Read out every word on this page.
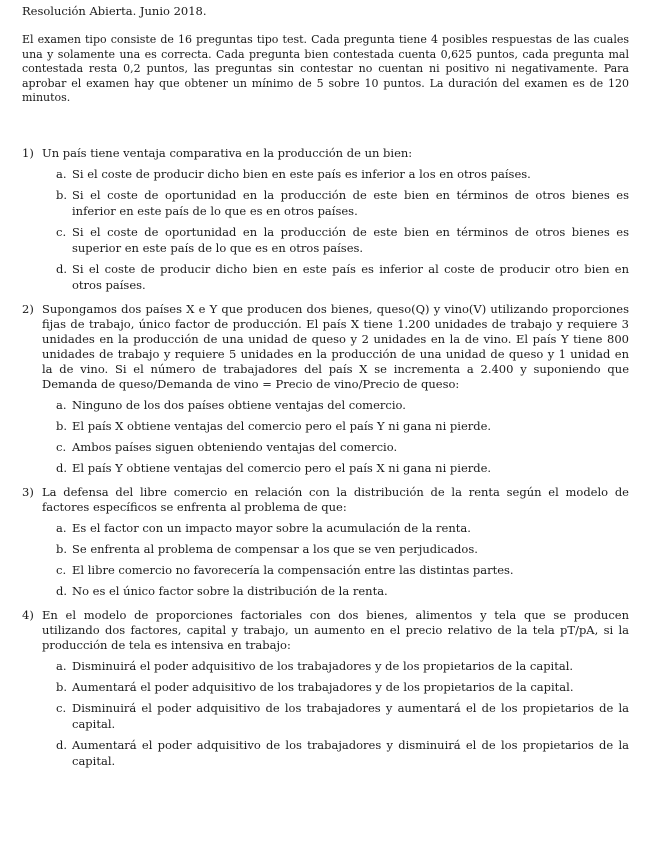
Resolución Abierta. Junio 2018.

El examen tipo consiste de 16 preguntas tipo test. Cada pregunta tiene 4 posibles respuestas de las cuales una y solamente una es correcta. Cada pregunta bien contestada cuenta 0,625 puntos, cada pregunta mal contestada resta 0,2 puntos, las preguntas sin contestar no cuentan ni positivo ni negativamente. Para aprobar el examen hay que obtener un mínimo de 5 sobre 10 puntos. La duración del examen es de 120 minutos.

1) Un país tiene ventaja comparativa en la producción de un bien:

a. Si el coste de producir dicho bien en este país es inferior a los en otros países.
b. Si el coste de oportunidad en la producción de este bien en términos de otros bienes es inferior en este país de lo que es en otros países.
c. Si el coste de oportunidad en la producción de este bien en términos de otros bienes es superior en este país de lo que es en otros países.
d. Si el coste de producir dicho bien en este país es inferior al coste de producir otro bien en otros países.
2) Supongamos dos países X e Y que producen dos bienes, queso(Q) y vino(V) utilizando proporciones fijas de trabajo, único factor de producción. El país X tiene 1.200 unidades de trabajo y requiere 3 unidades en la producción de una unidad de queso y 2 unidades en la de vino. El país Y tiene 800 unidades de trabajo y requiere 5 unidades en la producción de una unidad de queso y 1 unidad en la de vino. Si el número de trabajadores del país X se incrementa a 2.400 y suponiendo que Demanda de queso/Demanda de vino = Precio de vino/Precio de queso:

a. Ninguno de los dos países obtiene ventajas del comercio.
b. El país X obtiene ventajas del comercio pero el país Y ni gana ni pierde.
c. Ambos países siguen obteniendo ventajas del comercio.
d. El país Y obtiene ventajas del comercio pero el país X ni gana ni pierde.
3) La defensa del libre comercio en relación con la distribución de la renta según el modelo de factores específicos se enfrenta al problema de que:

a. Es el factor con un impacto mayor sobre la acumulación de la renta.
b. Se enfrenta al problema de compensar a los que se ven perjudicados.
c. El libre comercio no favorecería la compensación entre las distintas partes.
d. No es el único factor sobre la distribución de la renta.
4) En el modelo de proporciones factoriales con dos bienes, alimentos y tela que se producen utilizando dos factores, capital y trabajo, un aumento en el precio relativo de la tela pT/pA, si la producción de tela es intensiva en trabajo:

a. Disminuirá el poder adquisitivo de los trabajadores y de los propietarios de la capital.
b. Aumentará el poder adquisitivo de los trabajadores y de los propietarios de la capital.
c. Disminuirá el poder adquisitivo de los trabajadores y aumentará el de los propietarios de la capital.
d. Aumentará el poder adquisitivo de los trabajadores y disminuirá el de los propietarios de la capital.
